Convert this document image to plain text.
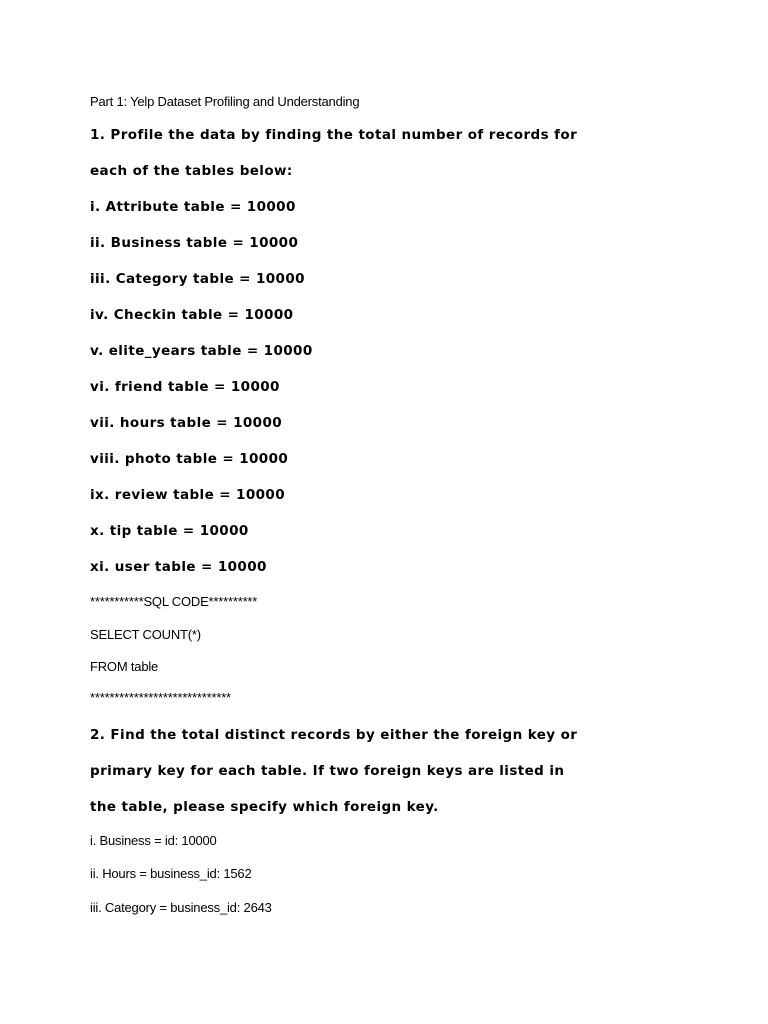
Part 1: Yelp Dataset Profiling and Understanding
1. Profile the data by finding the total number of records for
each of the tables below:
i. Attribute table = 10000
ii. Business table = 10000
iii. Category table = 10000
iv. Checkin table = 10000
v. elite_years table = 10000
vi. friend table = 10000
vii. hours table = 10000
viii. photo table = 10000
ix. review table = 10000
x. tip table = 10000
xi. user table = 10000
***********SQL CODE**********
SELECT COUNT(*)
FROM table
*****************************
2. Find the total distinct records by either the foreign key or
primary key for each table. If two foreign keys are listed in
the table, please specify which foreign key.
i. Business = id: 10000
ii. Hours = business_id: 1562
iii. Category = business_id: 2643
